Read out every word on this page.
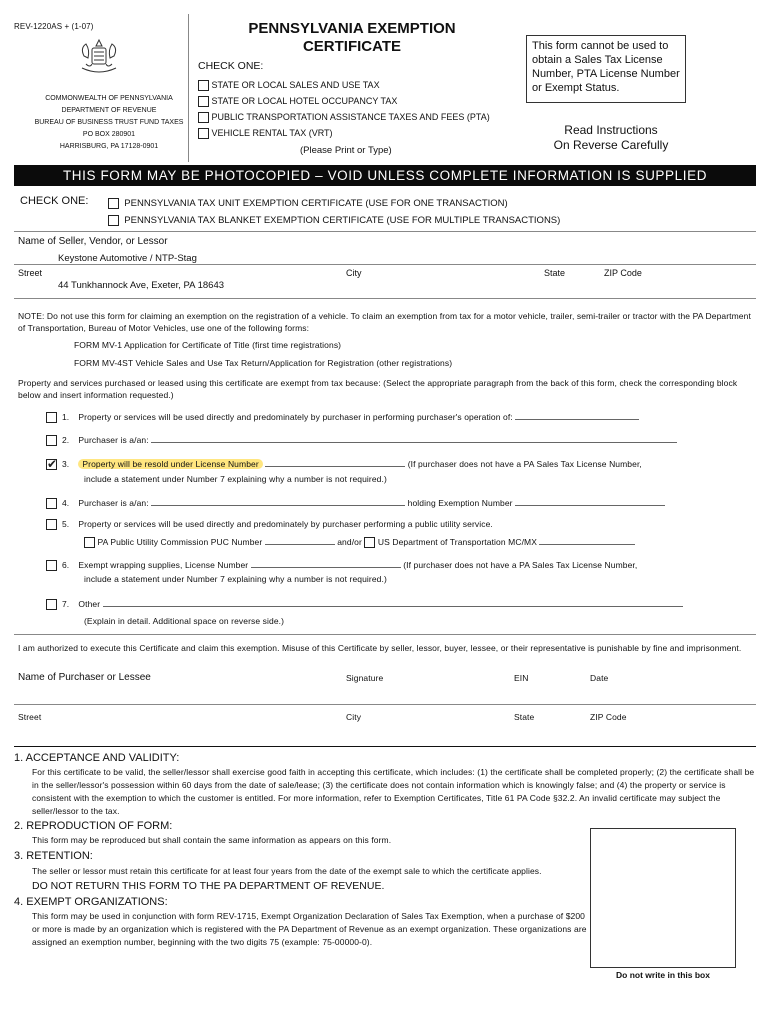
REV-1220AS + (1-07)
COMMONWEALTH OF PENNSYLVANIA
DEPARTMENT OF REVENUE
BUREAU OF BUSINESS TRUST FUND TAXES
PO BOX 280901
HARRISBURG, PA 17128-0901
PENNSYLVANIA EXEMPTION
CERTIFICATE
CHECK ONE:
STATE OR LOCAL SALES AND USE TAX
STATE OR LOCAL HOTEL OCCUPANCY TAX
PUBLIC TRANSPORTATION ASSISTANCE TAXES AND FEES (PTA)
VEHICLE RENTAL TAX (VRT)
(Please Print or Type)
This form cannot be used to obtain a Sales Tax License Number, PTA License Number or Exempt Status.
Read Instructions
On Reverse Carefully
THIS FORM MAY BE PHOTOCOPIED – VOID UNLESS COMPLETE INFORMATION IS SUPPLIED
CHECK ONE:	PENNSYLVANIA TAX UNIT EXEMPTION CERTIFICATE (USE FOR ONE TRANSACTION)
PENNSYLVANIA TAX BLANKET EXEMPTION CERTIFICATE (USE FOR MULTIPLE TRANSACTIONS)
Name of Seller, Vendor, or Lessor
Keystone Automotive / NTP-Stag
Street	City	State	ZIP Code
44 Tunkhannock Ave, Exeter, PA 18643
NOTE: Do not use this form for claiming an exemption on the registration of a vehicle. To claim an exemption from tax for a motor vehicle, trailer, semi-trailer or tractor with the PA Department of Transportation, Bureau of Motor Vehicles, use one of the following forms:
FORM MV-1 Application for Certificate of Title (first time registrations)
FORM MV-4ST Vehicle Sales and Use Tax Return/Application for Registration (other registrations)
Property and services purchased or leased using this certificate are exempt from tax because: (Select the appropriate paragraph from the back of this form, check the corresponding block below and insert information requested.)
1. Property or services will be used directly and predominately by purchaser in performing purchaser's operation of:
2. Purchaser is a/an:
✔  3. Property will be resold under License Number	(If purchaser does not have a PA Sales Tax License Number,
include a statement under Number 7 explaining why a number is not required.)
4. Purchaser is a/an:	holding Exemption Number
5. Property or services will be used directly and predominately by purchaser performing a public utility service.
PA Public Utility Commission PUC Number	and/or US Department of Transportation MC/MX
6. Exempt wrapping supplies, License Number	(If purchaser does not have a PA Sales Tax License Number,
include a statement under Number 7 explaining why a number is not required.)
7. Other
(Explain in detail. Additional space on reverse side.)
I am authorized to execute this Certificate and claim this exemption. Misuse of this Certificate by seller, lessor, buyer, lessee, or their representative is punishable by fine and imprisonment.
Name of Purchaser or Lessee	Signature	EIN	Date
Street	City	State	ZIP Code
1. ACCEPTANCE AND VALIDITY:
For this certificate to be valid, the seller/lessor shall exercise good faith in accepting this certificate, which includes: (1) the certificate shall be completed properly; (2) the certificate shall be in the seller/lessor's possession within 60 days from the date of sale/lease; (3) the certificate does not contain information which is knowingly false; and (4) the property or service is consistent with the exemption to which the customer is entitled. For more information, refer to Exemption Certificates, Title 61 PA Code §32.2. An invalid certificate may subject the seller/lessor to the tax.
2. REPRODUCTION OF FORM:
This form may be reproduced but shall contain the same information as appears on this form.
3. RETENTION:
The seller or lessor must retain this certificate for at least four years from the date of the exempt sale to which the certificate applies.
DO NOT RETURN THIS FORM TO THE PA DEPARTMENT OF REVENUE.
4. EXEMPT ORGANIZATIONS:
This form may be used in conjunction with form REV-1715, Exempt Organization Declaration of Sales Tax Exemption, when a purchase of $200 or more is made by an organization which is registered with the PA Department of Revenue as an exempt organization. These organizations are assigned an exemption number, beginning with the two digits 75 (example: 75-00000-0).
Do not write in this box
